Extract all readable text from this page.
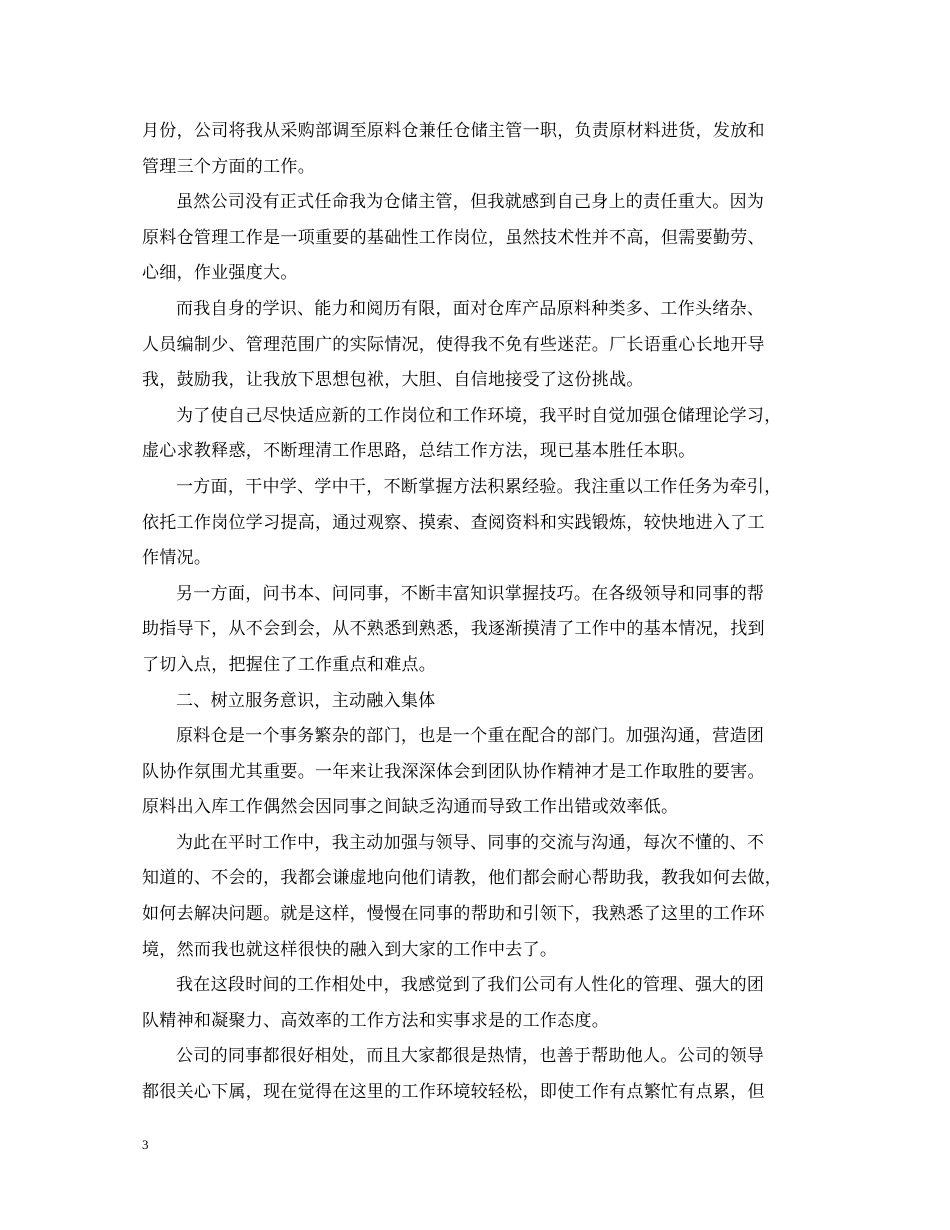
月份，公司将我从采购部调至原料仓兼任仓储主管一职，负责原材料进货，发放和
管理三个方面的工作。
虽然公司没有正式任命我为仓储主管，但我就感到自己身上的责任重大。因为
原料仓管理工作是一项重要的基础性工作岗位，虽然技术性并不高，但需要勤劳、
心细，作业强度大。
而我自身的学识、能力和阅历有限，面对仓库产品原料种类多、工作头绪杂、
人员编制少、管理范围广的实际情况，使得我不免有些迷茫。厂长语重心长地开导
我，鼓励我，让我放下思想包袱，大胆、自信地接受了这份挑战。
为了使自己尽快适应新的工作岗位和工作环境，我平时自觉加强仓储理论学习，
虚心求教释惑，不断理清工作思路，总结工作方法，现已基本胜任本职。
一方面，干中学、学中干，不断掌握方法积累经验。我注重以工作任务为牵引，
依托工作岗位学习提高，通过观察、摸索、查阅资料和实践锻炼，较快地进入了工
作情况。
另一方面，问书本、问同事，不断丰富知识掌握技巧。在各级领导和同事的帮
助指导下，从不会到会，从不熟悉到熟悉，我逐渐摸清了工作中的基本情况，找到
了切入点，把握住了工作重点和难点。
二、树立服务意识，主动融入集体
原料仓是一个事务繁杂的部门，也是一个重在配合的部门。加强沟通，营造团
队协作氛围尤其重要。一年来让我深深体会到团队协作精神才是工作取胜的要害。
原料出入库工作偶然会因同事之间缺乏沟通而导致工作出错或效率低。
为此在平时工作中，我主动加强与领导、同事的交流与沟通，每次不懂的、不
知道的、不会的，我都会谦虚地向他们请教，他们都会耐心帮助我，教我如何去做，
如何去解决问题。就是这样，慢慢在同事的帮助和引领下，我熟悉了这里的工作环
境，然而我也就这样很快的融入到大家的工作中去了。
我在这段时间的工作相处中，我感觉到了我们公司有人性化的管理、强大的团
队精神和凝聚力、高效率的工作方法和实事求是的工作态度。
公司的同事都很好相处，而且大家都很是热情，也善于帮助他人。公司的领导
都很关心下属，现在觉得在这里的工作环境较轻松，即使工作有点繁忙有点累，但
3
